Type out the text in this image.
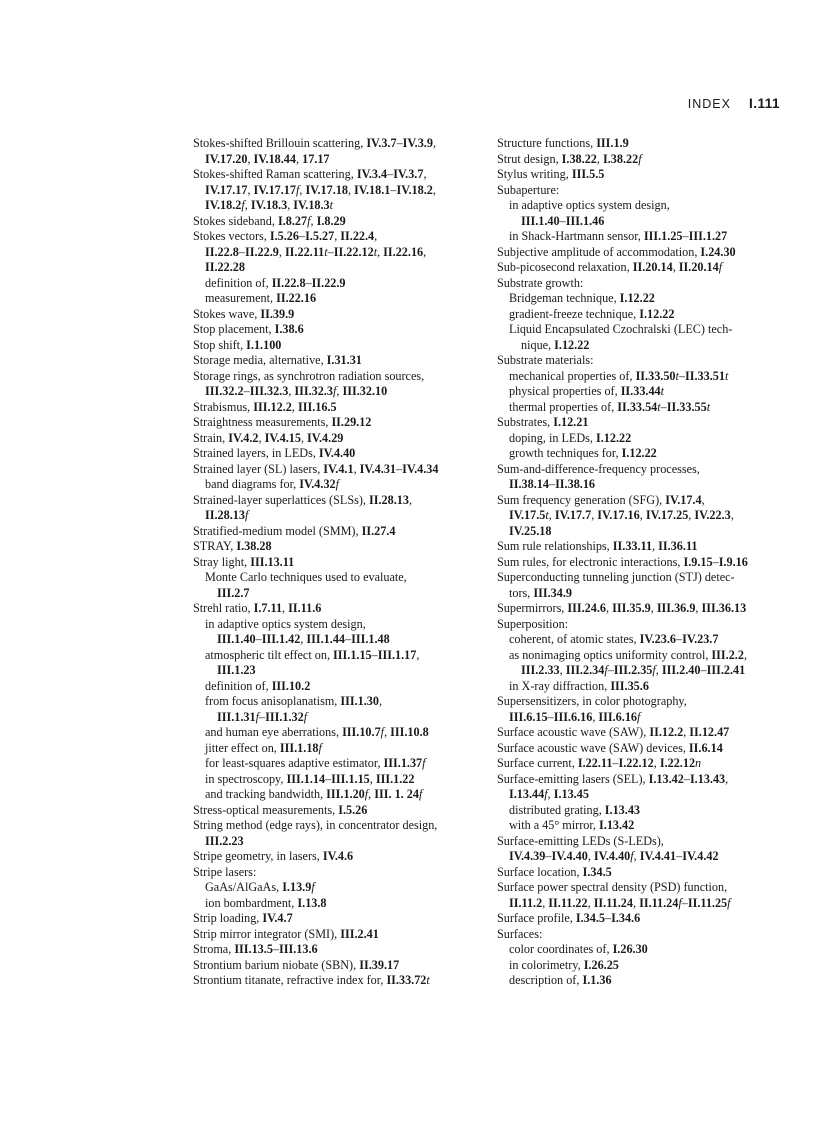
INDEX I.111
Stokes-shifted Brillouin scattering, IV.3.7–IV.3.9,
IV.17.20, IV.18.44, 17.17
Stokes-shifted Raman scattering, IV.3.4–IV.3.7,
IV.17.17, IV.17.17f, IV.17.18, IV.18.1–IV.18.2,
IV.18.2f, IV.18.3, IV.18.3t
Stokes sideband, I.8.27f, I.8.29
Stokes vectors, I.5.26–I.5.27, II.22.4,
II.22.8–II.22.9, II.22.11t–II.22.12t, II.22.16,
II.22.28
definition of, II.22.8–II.22.9
measurement, II.22.16
Stokes wave, II.39.9
Stop placement, I.38.6
Stop shift, I.1.100
Storage media, alternative, I.31.31
Storage rings, as synchrotron radiation sources,
III.32.2–III.32.3, III.32.3f, III.32.10
Strabismus, III.12.2, III.16.5
Straightness measurements, II.29.12
Strain, IV.4.2, IV.4.15, IV.4.29
Strained layers, in LEDs, IV.4.40
Strained layer (SL) lasers, IV.4.1, IV.4.31–IV.4.34
band diagrams for, IV.4.32f
Strained-layer superlattices (SLSs), II.28.13,
II.28.13f
Stratified-medium model (SMM), II.27.4
STRAY, I.38.28
Stray light, III.13.11
Monte Carlo techniques used to evaluate,
III.2.7
Strehl ratio, I.7.11, II.11.6
in adaptive optics system design,
III.1.40–III.1.42, III.1.44–III.1.48
atmospheric tilt effect on, III.1.15–III.1.17,
III.1.23
definition of, III.10.2
from focus anisoplanatism, III.1.30,
III.1.31f–III.1.32f
and human eye aberrations, III.10.7f, III.10.8
jitter effect on, III.1.18f
for least-squares adaptive estimator, III.1.37f
in spectroscopy, III.1.14–III.1.15, III.1.22
and tracking bandwidth, III.1.20f, III. 1. 24f
Stress-optical measurements, I.5.26
String method (edge rays), in concentrator design,
III.2.23
Stripe geometry, in lasers, IV.4.6
Stripe lasers:
GaAs/AlGaAs, I.13.9f
ion bombardment, I.13.8
Strip loading, IV.4.7
Strip mirror integrator (SMI), III.2.41
Stroma, III.13.5–III.13.6
Strontium barium niobate (SBN), II.39.17
Strontium titanate, refractive index for, II.33.72t
Structure functions, III.1.9
Strut design, I.38.22, I.38.22f
Stylus writing, III.5.5
Subaperture:
in adaptive optics system design,
III.1.40–III.1.46
in Shack-Hartmann sensor, III.1.25–III.1.27
Subjective amplitude of accommodation, I.24.30
Sub-picosecond relaxation, II.20.14, II.20.14f
Substrate growth:
Bridgeman technique, I.12.22
gradient-freeze technique, I.12.22
Liquid Encapsulated Czochralski (LEC) tech-
nique, I.12.22
Substrate materials:
mechanical properties of, II.33.50t–II.33.51t
physical properties of, II.33.44t
thermal properties of, II.33.54t–II.33.55t
Substrates, I.12.21
doping, in LEDs, I.12.22
growth techniques for, I.12.22
Sum-and-difference-frequency processes,
II.38.14–II.38.16
Sum frequency generation (SFG), IV.17.4,
IV.17.5t, IV.17.7, IV.17.16, IV.17.25, IV.22.3,
IV.25.18
Sum rule relationships, II.33.11, II.36.11
Sum rules, for electronic interactions, I.9.15–I.9.16
Superconducting tunneling junction (STJ) detec-
tors, III.34.9
Supermirrors, III.24.6, III.35.9, III.36.9, III.36.13
Superposition:
coherent, of atomic states, IV.23.6–IV.23.7
as nonimaging optics uniformity control, III.2.2,
III.2.33, III.2.34f–III.2.35f, III.2.40–III.2.41
in X-ray diffraction, III.35.6
Supersensitizers, in color photography,
III.6.15–III.6.16, III.6.16f
Surface acoustic wave (SAW), II.12.2, II.12.47
Surface acoustic wave (SAW) devices, II.6.14
Surface current, I.22.11–I.22.12, I.22.12n
Surface-emitting lasers (SEL), I.13.42–I.13.43,
I.13.44f, I.13.45
distributed grating, I.13.43
with a 45° mirror, I.13.42
Surface-emitting LEDs (S-LEDs),
IV.4.39–IV.4.40, IV.4.40f, IV.4.41–IV.4.42
Surface location, I.34.5
Surface power spectral density (PSD) function,
II.11.2, II.11.22, II.11.24, II.11.24f–II.11.25f
Surface profile, I.34.5–I.34.6
Surfaces:
color coordinates of, I.26.30
in colorimetry, I.26.25
description of, I.1.36
